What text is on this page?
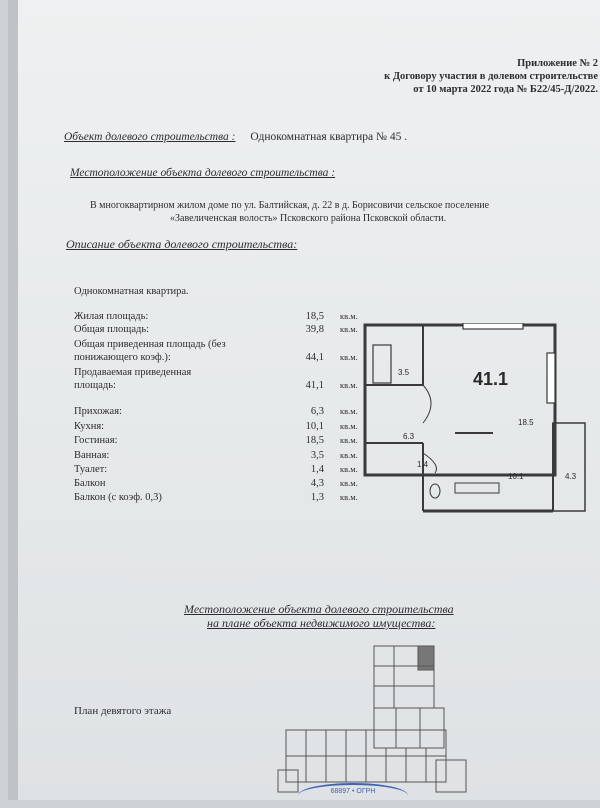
Приложение № 2
к Договору участия в долевом строительстве
от 10 марта 2022 года № Б22/45-Д/2022.
Объект долевого строительства : Однокомнатная квартира № 45 .
Местоположение объекта долевого строительства :
В многоквартирном жилом доме по ул. Балтийская, д. 22 в д. Борисовичи сельское поселение
«Завеличенская волость» Псковского района Псковской области.
Описание объекта долевого строительства:
Однокомнатная квартира.
Жилая площадь:	18,5 кв.м.
Общая площадь:	39,8 кв.м.
Общая приведенная площадь (без
понижающего коэф.):	44,1 кв.м.
Продаваемая приведенная
площадь:	41,1 кв.м.
Прихожая:	6,3 кв.м.
Кухня:	10,1 кв.м.
Гостиная:	18,5 кв.м.
Ванная:	3,5 кв.м.
Туалет:	1,4 кв.м.
Балкон	4,3 кв.м.
Балкон (с коэф. 0,3)	1,3 кв.м.
41.1
3.5
6.3
1.4
18.5
10.1	4.3
Местоположение объекта долевого строительства
на плане объекта недвижимого имущества:
План девятого этажа
68897 • ОГРН
